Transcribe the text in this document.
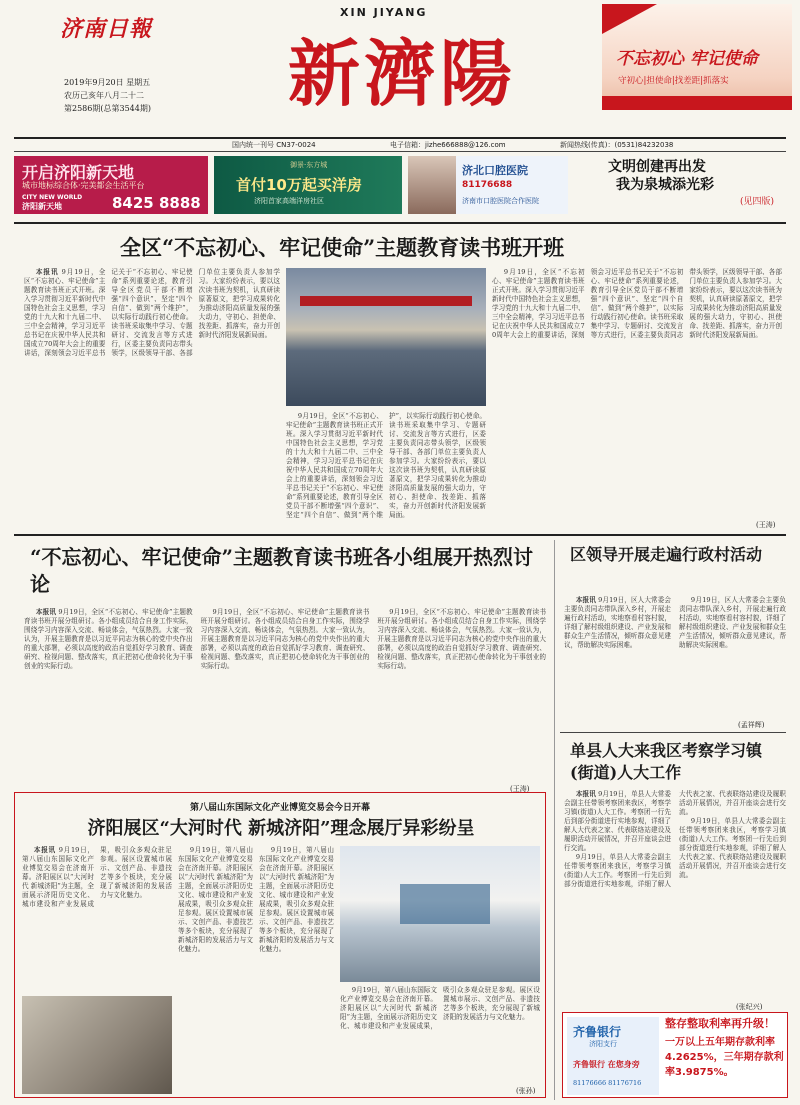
济南日報
2019年9月20日 星期五
农历己亥年八月二十二
第2586期(总第3544期)
XIN JIYANG
新濟陽	不忘初心 牢记使命
守初心|担使命|找差距|抓落实
国内统一刊号 CN37-0024	电子信箱：jizhe666888@126.com	新闻热线(传真)：(0531)84232038
开启济阳新天地
城市地标综合体·完美都会生活平台
CITY NEW WORLD
济阳新天地	8425 8888
御景·东方城
首付10万起买洋房
济阳首家高端洋房社区
济北口腔医院
81176688
济南市口腔医院合作医院
文明创建再出发
我为泉城添光彩
(见四版)
全区“不忘初心、牢记使命”主题教育读书班开班

本报讯 9月19日，全区“不忘初心、牢记使命”主题教育读书班正式开班。深入学习贯彻习近平新时代中国特色社会主义思想，学习党的十九大和十九届二中、三中全会精神，学习习近平总书记在庆祝中华人民共和国成立70周年大会上的重要讲话，深刻领会习近平总书记关于“不忘初心、牢记使命”系列重要论述，教育引导全区党员干部不断增强“四个意识”、坚定“四个自信”、做到“两个维护”，以实际行动践行初心使命。读书班采取集中学习、专题研讨、交流发言等方式进行，区委主要负责同志带头领学，区级领导干部、各部门单位主要负责人参加学习。大家纷纷表示，要以这次读书班为契机，认真研读原著原文，把学习成果转化为推动济阳高质量发展的强大动力，守初心、担使命、找差距、抓落实，奋力开创新时代济阳发展新局面。

9月19日，全区“不忘初心、牢记使命”主题教育读书班正式开班。深入学习贯彻习近平新时代中国特色社会主义思想，学习党的十九大和十九届二中、三中全会精神，学习习近平总书记在庆祝中华人民共和国成立70周年大会上的重要讲话，深刻领会习近平总书记关于“不忘初心、牢记使命”系列重要论述，教育引导全区党员干部不断增强“四个意识”、坚定“四个自信”、做到“两个维护”，以实际行动践行初心使命。读书班采取集中学习、专题研讨、交流发言等方式进行，区委主要负责同志带头领学，区级领导干部、各部门单位主要负责人参加学习。大家纷纷表示，要以这次读书班为契机，认真研读原著原文，把学习成果转化为推动济阳高质量发展的强大动力，守初心、担使命、找差距、抓落实，奋力开创新时代济阳发展新局面。

9月19日，全区“不忘初心、牢记使命”主题教育读书班正式开班。深入学习贯彻习近平新时代中国特色社会主义思想，学习党的十九大和十九届二中、三中全会精神，学习习近平总书记在庆祝中华人民共和国成立70周年大会上的重要讲话，深刻领会习近平总书记关于“不忘初心、牢记使命”系列重要论述，教育引导全区党员干部不断增强“四个意识”、坚定“四个自信”、做到“两个维护”，以实际行动践行初心使命。读书班采取集中学习、专题研讨、交流发言等方式进行，区委主要负责同志带头领学，区级领导干部、各部门单位主要负责人参加学习。大家纷纷表示，要以这次读书班为契机，认真研读原著原文，把学习成果转化为推动济阳高质量发展的强大动力，守初心、担使命、找差距、抓落实，奋力开创新时代济阳发展新局面。

(王涛)
“不忘初心、牢记使命”主题教育读书班各小组展开热烈讨论

本报讯 9月19日，全区“不忘初心、牢记使命”主题教育读书班开展分组研讨。各小组成员结合自身工作实际，围绕学习内容深入交流、畅谈体会，气氛热烈。大家一致认为，开展主题教育是以习近平同志为核心的党中央作出的重大部署，必须以高度的政治自觉抓好学习教育、调查研究、检视问题、整改落实，真正把初心使命转化为干事创业的实际行动。

9月19日，全区“不忘初心、牢记使命”主题教育读书班开展分组研讨。各小组成员结合自身工作实际，围绕学习内容深入交流、畅谈体会，气氛热烈。大家一致认为，开展主题教育是以习近平同志为核心的党中央作出的重大部署，必须以高度的政治自觉抓好学习教育、调查研究、检视问题、整改落实，真正把初心使命转化为干事创业的实际行动。

9月19日，全区“不忘初心、牢记使命”主题教育读书班开展分组研讨。各小组成员结合自身工作实际，围绕学习内容深入交流、畅谈体会，气氛热烈。大家一致认为，开展主题教育是以习近平同志为核心的党中央作出的重大部署，必须以高度的政治自觉抓好学习教育、调查研究、检视问题、整改落实，真正把初心使命转化为干事创业的实际行动。

(王涛)
区领导开展走遍行政村活动

本报讯 9月19日，区人大常委会主要负责同志带队深入乡村，开展走遍行政村活动，实地察看村容村貌，详细了解村级组织建设、产业发展和群众生产生活情况，倾听群众意见建议，帮助解决实际困难。

9月19日，区人大常委会主要负责同志带队深入乡村，开展走遍行政村活动，实地察看村容村貌，详细了解村级组织建设、产业发展和群众生产生活情况，倾听群众意见建议，帮助解决实际困难。

(孟祥辉)
单县人大来我区考察学习镇(街道)人大工作

本报讯 9月19日，单县人大常委会副主任带领考察团来我区，考察学习镇(街道)人大工作。考察团一行先后到部分街道进行实地参观，详细了解人大代表之家、代表联络站建设及履职活动开展情况，并召开座谈会进行交流。

9月19日，单县人大常委会副主任带领考察团来我区，考察学习镇(街道)人大工作。考察团一行先后到部分街道进行实地参观，详细了解人大代表之家、代表联络站建设及履职活动开展情况，并召开座谈会进行交流。

9月19日，单县人大常委会副主任带领考察团来我区，考察学习镇(街道)人大工作。考察团一行先后到部分街道进行实地参观，详细了解人大代表之家、代表联络站建设及履职活动开展情况，并召开座谈会进行交流。

(张纪兴)
第八届山东国际文化产业博览交易会今日开幕
济阳展区“大河时代 新城济阳”理念展厅异彩纷呈

本报讯 9月19日，第八届山东国际文化产业博览交易会在济南开幕。济阳展区以“大河时代 新城济阳”为主题，全面展示济阳历史文化、城市建设和产业发展成果，吸引众多观众驻足参观。展区设置城市展示、文创产品、非遗技艺等多个板块，充分展现了新城济阳的发展活力与文化魅力。

9月19日，第八届山东国际文化产业博览交易会在济南开幕。济阳展区以“大河时代 新城济阳”为主题，全面展示济阳历史文化、城市建设和产业发展成果，吸引众多观众驻足参观。展区设置城市展示、文创产品、非遗技艺等多个板块，充分展现了新城济阳的发展活力与文化魅力。

9月19日，第八届山东国际文化产业博览交易会在济南开幕。济阳展区以“大河时代 新城济阳”为主题，全面展示济阳历史文化、城市建设和产业发展成果，吸引众多观众驻足参观。展区设置城市展示、文创产品、非遗技艺等多个板块，充分展现了新城济阳的发展活力与文化魅力。

9月19日，第八届山东国际文化产业博览交易会在济南开幕。济阳展区以“大河时代 新城济阳”为主题，全面展示济阳历史文化、城市建设和产业发展成果，吸引众多观众驻足参观。展区设置城市展示、文创产品、非遗技艺等多个板块，充分展现了新城济阳的发展活力与文化魅力。

(张孙)
齐鲁银行
济阳支行
齐鲁银行 在您身旁
81176666 81176716
整存整取利率再升级！
一万以上五年期存款利率4.2625%，三年期存款利率3.9875%。
